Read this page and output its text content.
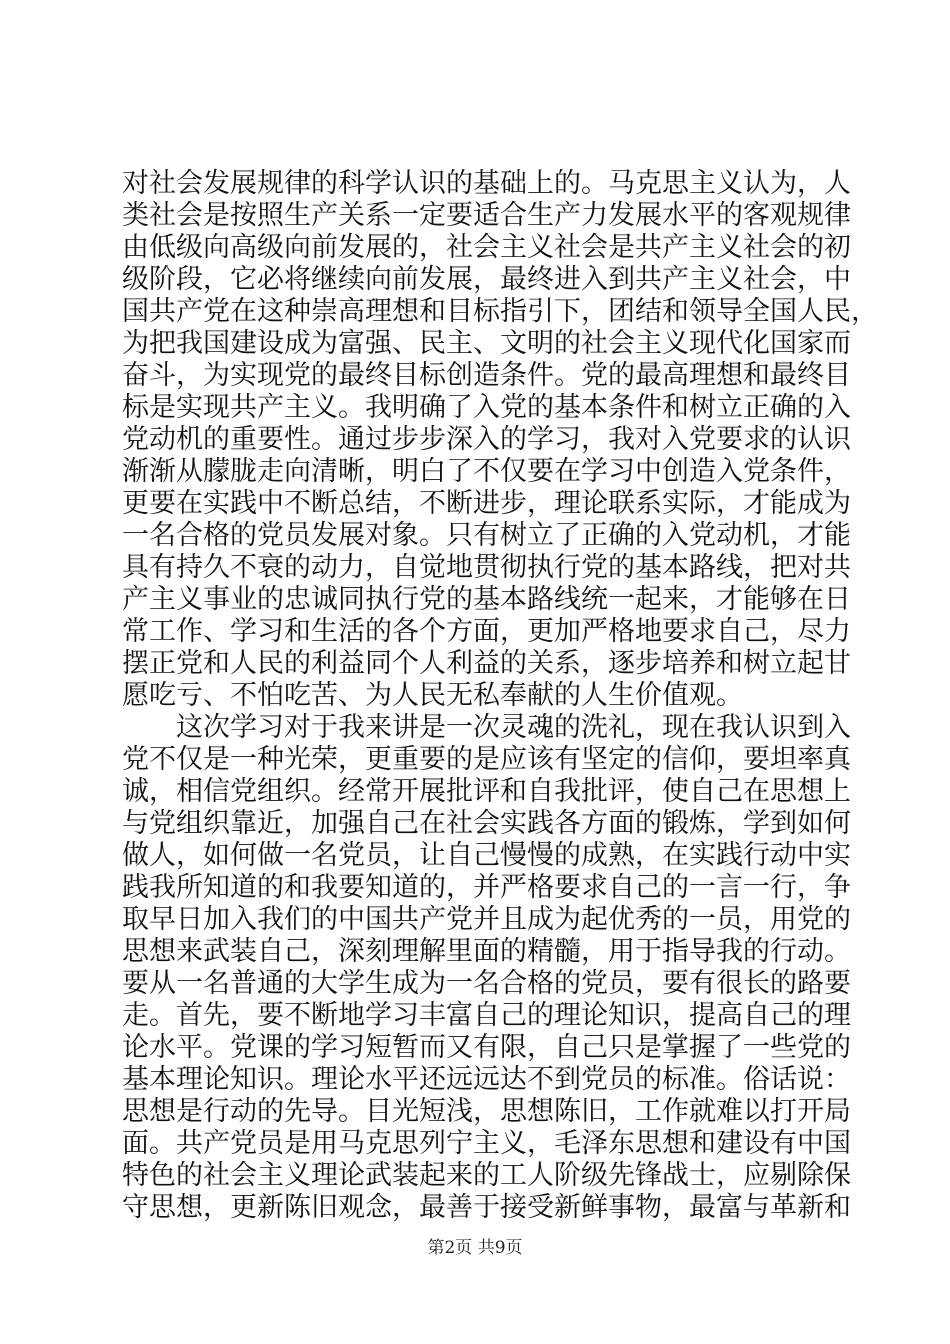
对社会发展规律的科学认识的基础上的。马克思主义认为，人
类社会是按照生产关系一定要适合生产力发展水平的客观规律
由低级向高级向前发展的，社会主义社会是共产主义社会的初
级阶段，它必将继续向前发展，最终进入到共产主义社会，中
国共产党在这种崇高理想和目标指引下，团结和领导全国人民，
为把我国建设成为富强、民主、文明的社会主义现代化国家而
奋斗，为实现党的最终目标创造条件。党的最高理想和最终目
标是实现共产主义。我明确了入党的基本条件和树立正确的入
党动机的重要性。通过步步深入的学习，我对入党要求的认识
渐渐从朦胧走向清晰，明白了不仅要在学习中创造入党条件，
更要在实践中不断总结，不断进步，理论联系实际，才能成为
一名合格的党员发展对象。只有树立了正确的入党动机，才能
具有持久不衰的动力，自觉地贯彻执行党的基本路线，把对共
产主义事业的忠诚同执行党的基本路线统一起来，才能够在日
常工作、学习和生活的各个方面，更加严格地要求自己，尽力
摆正党和人民的利益同个人利益的关系，逐步培养和树立起甘
愿吃亏、不怕吃苦、为人民无私奉献的人生价值观。
　　这次学习对于我来讲是一次灵魂的洗礼，现在我认识到入
党不仅是一种光荣，更重要的是应该有坚定的信仰，要坦率真
诚，相信党组织。经常开展批评和自我批评，使自己在思想上
与党组织靠近，加强自己在社会实践各方面的锻炼，学到如何
做人，如何做一名党员，让自己慢慢的成熟，在实践行动中实
践我所知道的和我要知道的，并严格要求自己的一言一行，争
取早日加入我们的中国共产党并且成为起优秀的一员，用党的
思想来武装自己，深刻理解里面的精髓，用于指导我的行动。
要从一名普通的大学生成为一名合格的党员，要有很长的路要
走。首先，要不断地学习丰富自己的理论知识，提高自己的理
论水平。党课的学习短暂而又有限，自己只是掌握了一些党的
基本理论知识。理论水平还远远达不到党员的标准。俗话说：
思想是行动的先导。目光短浅，思想陈旧，工作就难以打开局
面。共产党员是用马克思列宁主义，毛泽东思想和建设有中国
特色的社会主义理论武装起来的工人阶级先锋战士，应剔除保
守思想，更新陈旧观念，最善于接受新鲜事物，最富与革新和
第2页 共9页
